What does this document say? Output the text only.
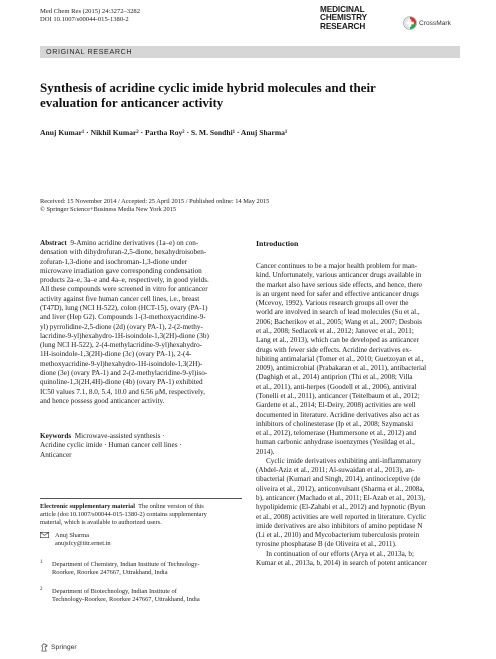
Med Chem Res (2015) 24:3272–3282
DOI 10.1007/s00044-015-1380-2
MEDICINAL
CHEMISTRY
RESEARCH	CrossMark
ORIGINAL RESEARCH
Synthesis of acridine cyclic imide hybrid molecules and their
evaluation for anticancer activity
Anuj Kumar¹ · Nikhil Kumar² · Partha Roy² · S. M. Sondhi¹ · Anuj Sharma¹
Received: 15 November 2014 / Accepted: 25 April 2015 / Published online: 14 May 2015
© Springer Science+Business Media New York 2015
Abstract 9-Amino acridine derivatives (1a–e) on con-
densation with dihydrofuran-2,5-dione, hexahydroisoben-
zofuran-1,3-dione and isochroman-1,3-dione under
microwave irradiation gave corresponding condensation
products 2a–e, 3a–e and 4a–e, respectively, in good yields.
All these compounds were screened in vitro for anticancer
activity against five human cancer cell lines, i.e., breast
(T47D), lung (NCI H-522), colon (HCT-15), ovary (PA-1)
and liver (Hep G2). Compounds 1-(3-methoxyacridine-9-
yl) pyrrolidine-2,5-dione (2d) (ovary PA-1), 2-(2-methy-
lacridine-9-yl)hexahydro-1H-isoindole-1,3(2H)-dione (3b)
(lung NCI H-522), 2-(4-methylacridine-9-yl)hexahydro-
1H-isoindole-1,3(2H)-dione (3c) (ovary PA-1), 2-(4-
methoxyacridine-9-yl)hexahydro-1H-isoindole-1,3(2H)-
dione (3e) (ovary PA-1) and 2-(2-methylacridine-9-yl)iso-
quinoline-1,3(2H,4H)-dione (4b) (ovary PA-1) exhibited
IC50 values 7.1, 8.0, 5.4, 10.0 and 6.56 μM, respectively,
and hence possess good anticancer activity.
Keywords Microwave-assisted synthesis ·
Acridine cyclic imide · Human cancer cell lines ·
Anticancer
Electronic supplementary material The online version of this
article (doi:10.1007/s00044-015-1380-2) contains supplementary
material, which is available to authorized users.
Anuj Sharma
anujsfcy@iitr.ernet.in
1 Department of Chemistry, Indian Institute of Technology-
Roorkee, Roorkee 247667, Uttrakhand, India
2 Department of Biotechnology, Indian Institute of
Technology-Roorkee, Roorkee 247667, Uttrakhand, India
Springer
Introduction
Cancer continues to be a major health problem for man-
kind. Unfortunately, various anticancer drugs available in
the market also have serious side effects, and hence, there
is an urgent need for safer and effective anticancer drugs
(Mcevoy, 1992). Various research groups all over the
world are involved in search of lead molecules (Su et al.,
2006; Bacherikov et al., 2005; Wang et al., 2007; Desbois
et al., 2008; Sedlacek et al., 2012; Janovec et al., 2011;
Lang et al., 2013), which can be developed as anticancer
drugs with fewer side effects. Acridine derivatives ex-
hibiting antimalarial (Tomer et al., 2010; Guetzoyan et al.,
2009), antimicrobial (Prabakaran et al., 2011), antibacterial
(Daghigh et al., 2014) antiprion (Thi et al., 2008; Villa
et al., 2011), anti-herpes (Goodell et al., 2006), antiviral
(Tonelli et al., 2011), anticancer (Teitelbaum et al., 2012;
Gardette et al., 2014; El-Deiry, 2008) activities are well
documented in literature. Acridine derivatives also act as
inhibitors of cholinesterase (Ip et al., 2008; Szymanski
et al., 2012), telomerase (Hummersone et al., 2012) and
human carbonic anhydrase isoenzymes (Yesildag et al.,
2014).
Cyclic imide derivatives exhibiting anti-inflammatory
(Abdel-Aziz et al., 2011; Al-suwaidan et al., 2013), an-
tibacterial (Kumari and Singh, 2014), antinociceptive (de
oliveira et al., 2012), anticonvulsant (Sharma et al., 2008a,
b), anticancer (Machado et al., 2011; El-Azab et al., 2013),
hypolipidemic (El-Zahabi et al., 2012) and hypnotic (Byun
et al., 2008) activities are well reported in literature. Cyclic
imide derivatives are also inhibitors of amino peptidase N
(Li et al., 2010) and Mycobacterium tuberculosis protein
tyrosine phosphatase B (de Oliveira et al., 2011).
In continuation of our efforts (Arya et al., 2013a, b;
Kumar et al., 2013a, b, 2014) in search of potent anticancer
